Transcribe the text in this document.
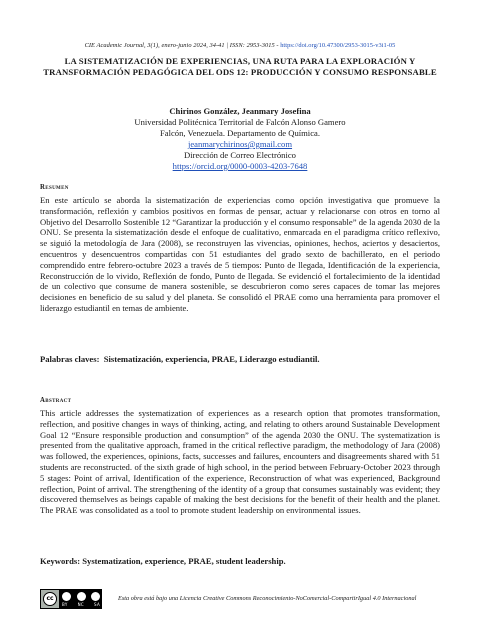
CIE Academic Journal, 3(1), enero-junio 2024, 34-41 | ISSN: 2953-3015 - https://doi.org/10.47300/2953-3015-v3i1-05
LA SISTEMATIZACIÓN DE EXPERIENCIAS, UNA RUTA PARA LA EXPLORACIÓN Y TRANSFORMACIÓN PEDAGÓGICA DEL ODS 12: PRODUCCIÓN Y CONSUMO RESPONSABLE
Chirinos González, Jeanmary Josefina
Universidad Politécnica Territorial de Falcón Alonso Gamero
Falcón, Venezuela. Departamento de Química.
jeanmarychirinos@gmail.com
Dirección de Correo Electrónico
https://orcid.org/0000-0003-4203-7648
Resumen
En este artículo se aborda la sistematización de experiencias como opción investigativa que promueve la transformación, reflexión y cambios positivos en formas de pensar, actuar y relacionarse con otros en torno al Objetivo del Desarrollo Sostenible 12 “Garantizar la producción y el consumo responsable” de la agenda 2030 de la ONU. Se presenta la sistematización desde el enfoque de cualitativo, enmarcada en el paradigma crítico reflexivo, se siguió la metodología de Jara (2008), se reconstruyen las vivencias, opiniones, hechos, aciertos y desaciertos, encuentros y desencuentros compartidas con 51 estudiantes del grado sexto de bachillerato, en el periodo comprendido entre febrero-octubre 2023 a través de 5 tiempos: Punto de llegada, Identificación de la experiencia, Reconstrucción de lo vivido, Reflexión de fondo, Punto de llegada. Se evidenció el fortalecimiento de la identidad de un colectivo que consume de manera sostenible, se descubrieron como seres capaces de tomar las mejores decisiones en beneficio de su salud y del planeta. Se consolidó el PRAE como una herramienta para promover el liderazgo estudiantil en temas de ambiente.
Palabras claves: Sistematización, experiencia, PRAE, Liderazgo estudiantil.
Abstract
This article addresses the systematization of experiences as a research option that promotes transformation, reflection, and positive changes in ways of thinking, acting, and relating to others around Sustainable Development Goal 12 “Ensure responsible production and consumption” of the agenda 2030 the ONU. The systematization is presented from the qualitative approach, framed in the critical reflective paradigm, the methodology of Jara (2008) was followed, the experiences, opinions, facts, successes and failures, encounters and disagreements shared with 51 students are reconstructed. of the sixth grade of high school, in the period between February-October 2023 through 5 stages: Point of arrival, Identification of the experience, Reconstruction of what was experienced, Background reflection, Point of arrival. The strengthening of the identity of a group that consumes sustainably was evident; they discovered themselves as beings capable of making the best decisions for the benefit of their health and the planet. The PRAE was consolidated as a tool to promote student leadership on environmental issues.
Keywords: Systematization, experience, PRAE, student leadership.
cc
BY	NC	SA
Esta obra está bajo una Licencia Creative Commons Reconocimiento-NoComercial-CompartirIgual 4.0 Internacional
